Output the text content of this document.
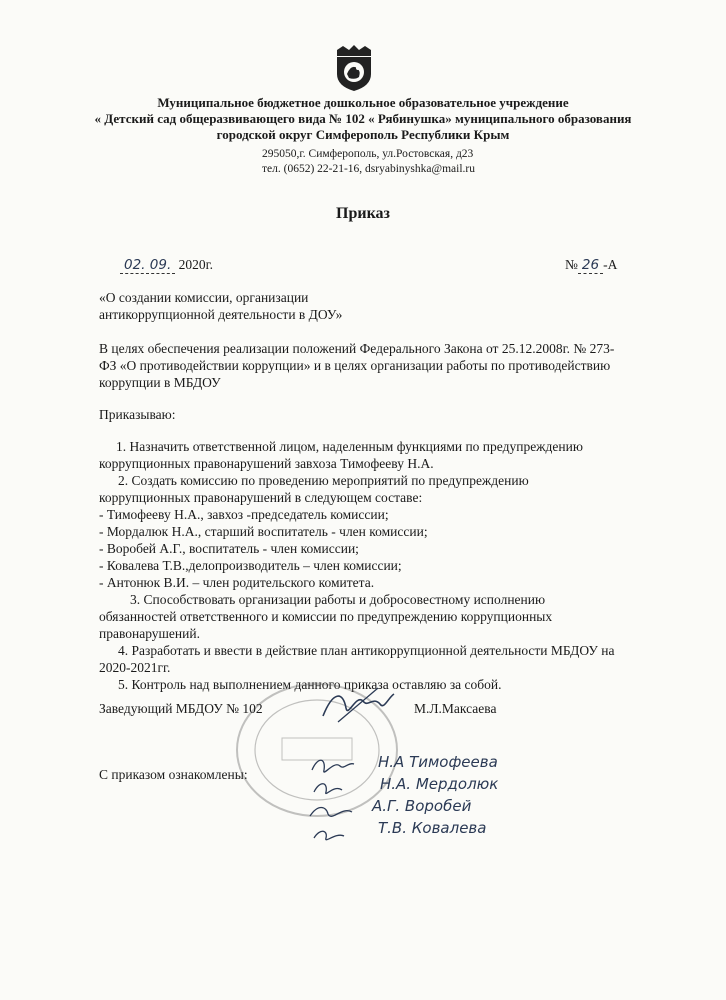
Муниципальное бюджетное дошкольное образовательное учреждение
« Детский сад общеразвивающего вида № 102 « Рябинушка» муниципального образования
городской округ Симферополь Республики Крым
295050,г. Симферополь, ул.Ростовская, д23
тел. (0652) 22-21-16, dsryabinyshka@mail.ru
Приказ
02. 09. 2020г.	№ 26 -А
«О создании комиссии, организации
антикоррупционной деятельности в ДОУ»
В целях обеспечения реализации положений Федерального Закона от 25.12.2008г. № 273-
ФЗ «О противодействии коррупции» и в целях организации работы по противодействию
коррупции в МБДОУ
Приказываю:
1. Назначить ответственной лицом, наделенным функциями по предупреждению
коррупционных правонарушений завхоза Тимофееву Н.А.
2. Создать комиссию по проведению мероприятий по предупреждению
коррупционных правонарушений в следующем составе:
- Тимофееву Н.А., завхоз -председатель комиссии;
- Мордалюк Н.А., старший воспитатель - член комиссии;
- Воробей А.Г., воспитатель - член комиссии;
- Ковалева Т.В.,делопроизводитель – член комиссии;
- Антонюк В.И. – член родительского комитета.
3. Способствовать организации работы и добросовестному исполнению
обязанностей ответственного и комиссии по предупреждению коррупционных
правонарушений.
4. Разработать и ввести в действие план антикоррупционной деятельности МБДОУ на
2020-2021гг.
5. Контроль над выполнением данного приказа оставляю за собой.
Заведующий МБДОУ № 102	М.Л.Максаева
С приказом ознакомлены:
Н.А Тимофеева
Н.А. Мердолюк
А.Г. Воробей
Т.В. Ковалева
